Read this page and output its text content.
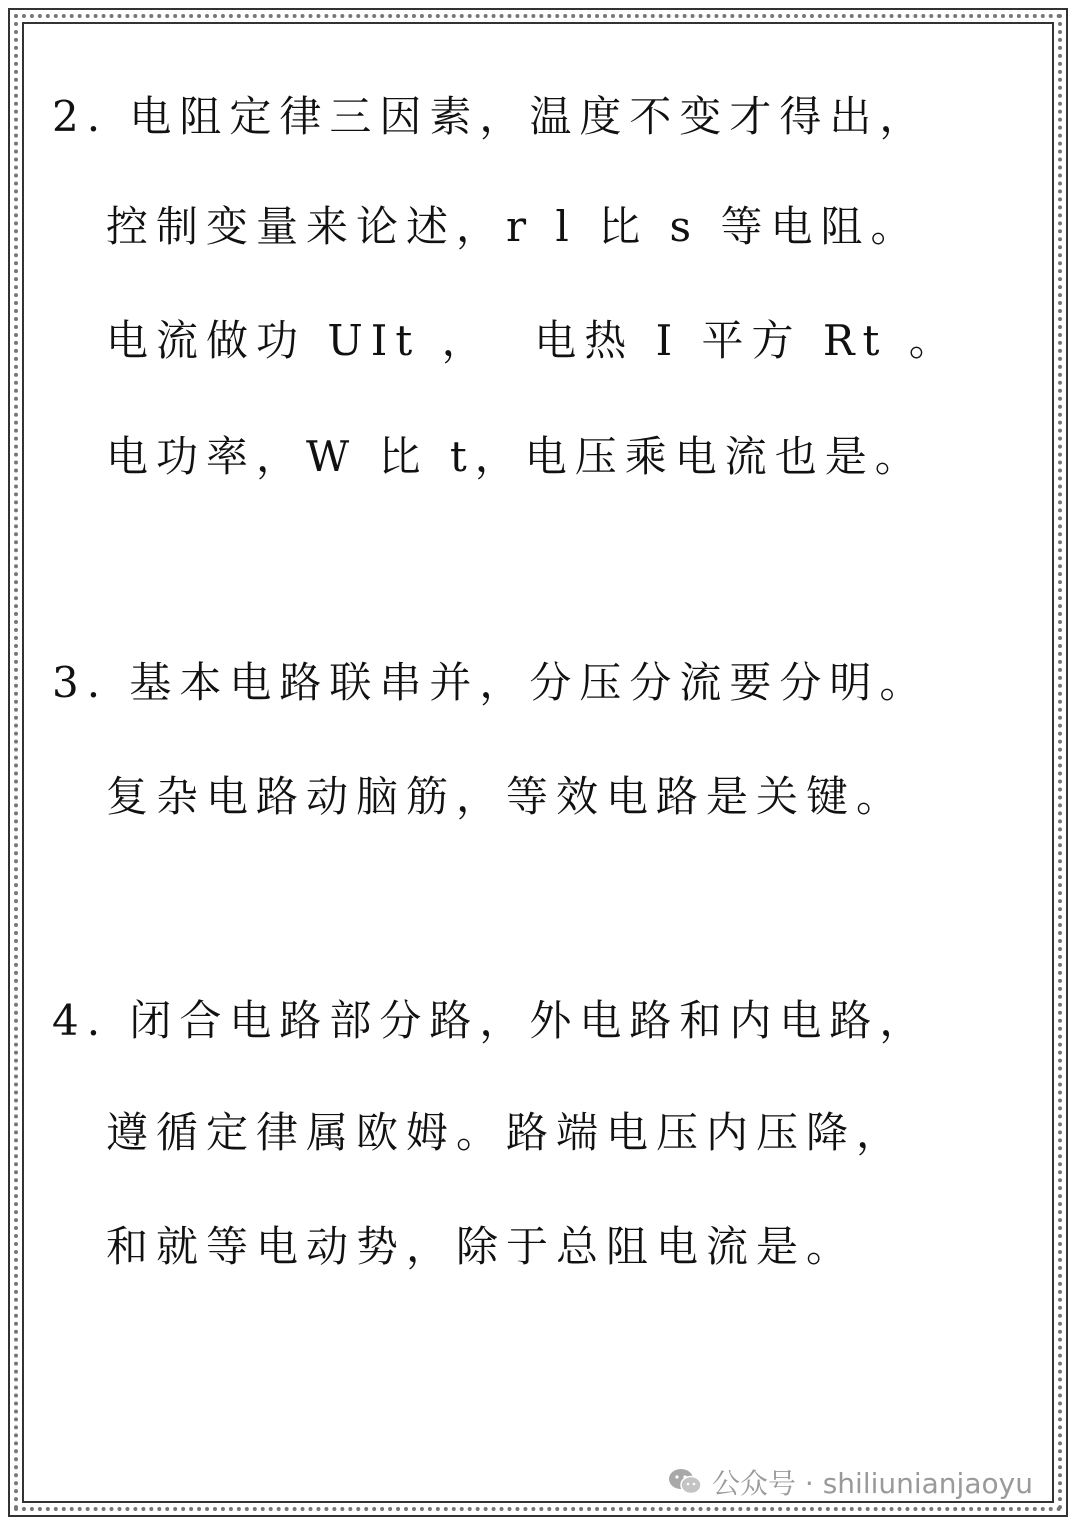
2. 电阻定律三因素，温度不变才得出，
控制变量来论述，r l 比 s 等电阻。
电流做功 UIt ，  电热 I 平方 Rt 。
电功率，W 比 t，电压乘电流也是。
3. 基本电路联串并，分压分流要分明。
复杂电路动脑筋，等效电路是关键。
4. 闭合电路部分路，外电路和内电路，
遵循定律属欧姆。路端电压内压降，
和就等电动势，除于总阻电流是。
公众号 · shiliunianjaoyu
